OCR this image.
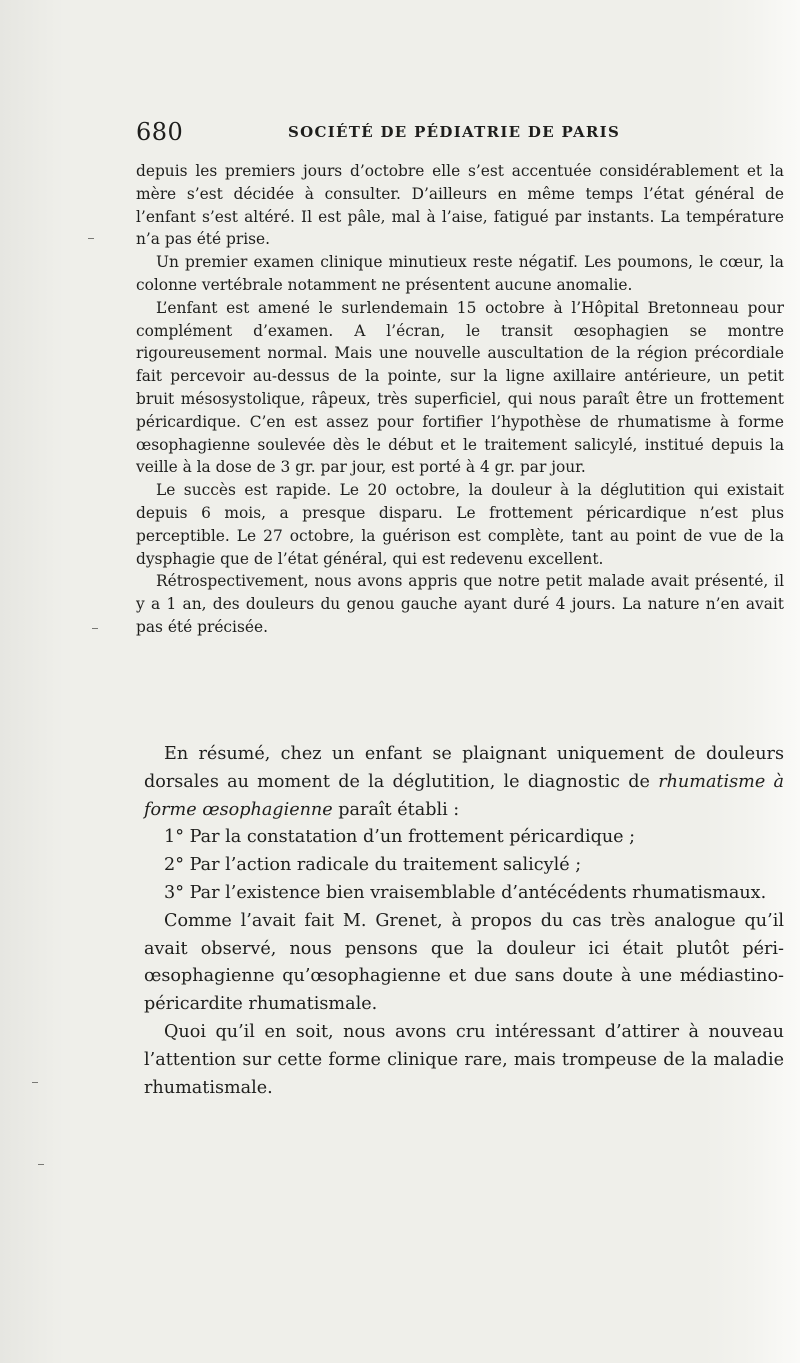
680	SOCIÉTÉ DE PÉDIATRIE DE PARIS

depuis les premiers jours d’octobre elle s’est accentuée considérablement et la mère s’est décidée à consulter. D’ailleurs en même temps l’état général de l’enfant s’est altéré. Il est pâle, mal à l’aise, fatigué par instants. La température n’a pas été prise.

Un premier examen clinique minutieux reste négatif. Les poumons, le cœur, la colonne vertébrale notamment ne présentent aucune anomalie.

L’enfant est amené le surlendemain 15 octobre à l’Hôpital Bretonneau pour complément d’examen. A l’écran, le transit œsophagien se montre rigoureusement normal. Mais une nouvelle auscultation de la région précordiale fait percevoir au-dessus de la pointe, sur la ligne axillaire antérieure, un petit bruit mésosystolique, râpeux, très superficiel, qui nous paraît être un frottement péricardique. C’en est assez pour fortifier l’hypothèse de rhumatisme à forme œsophagienne soulevée dès le début et le traitement salicylé, institué depuis la veille à la dose de 3 gr. par jour, est porté à 4 gr. par jour.

Le succès est rapide. Le 20 octobre, la douleur à la déglutition qui existait depuis 6 mois, a presque disparu. Le frottement péricardique n’est plus perceptible. Le 27 octobre, la guérison est complète, tant au point de vue de la dysphagie que de l’état général, qui est redevenu excellent.

Rétrospectivement, nous avons appris que notre petit malade avait présenté, il y a 1 an, des douleurs du genou gauche ayant duré 4 jours. La nature n’en avait pas été précisée.

En résumé, chez un enfant se plaignant uniquement de douleurs dorsales au moment de la déglutition, le diagnostic de rhumatisme à forme œsophagienne paraît établi :

1° Par la constatation d’un frottement péricardique ;

2° Par l’action radicale du traitement salicylé ;

3° Par l’existence bien vraisemblable d’antécédents rhumatismaux.

Comme l’avait fait M. Grenet, à propos du cas très analogue qu’il avait observé, nous pensons que la douleur ici était plutôt péri-œsophagienne qu’œsophagienne et due sans doute à une médiastino-péricardite rhumatismale.

Quoi qu’il en soit, nous avons cru intéressant d’attirer à nouveau l’attention sur cette forme clinique rare, mais trompeuse de la maladie rhumatismale.
